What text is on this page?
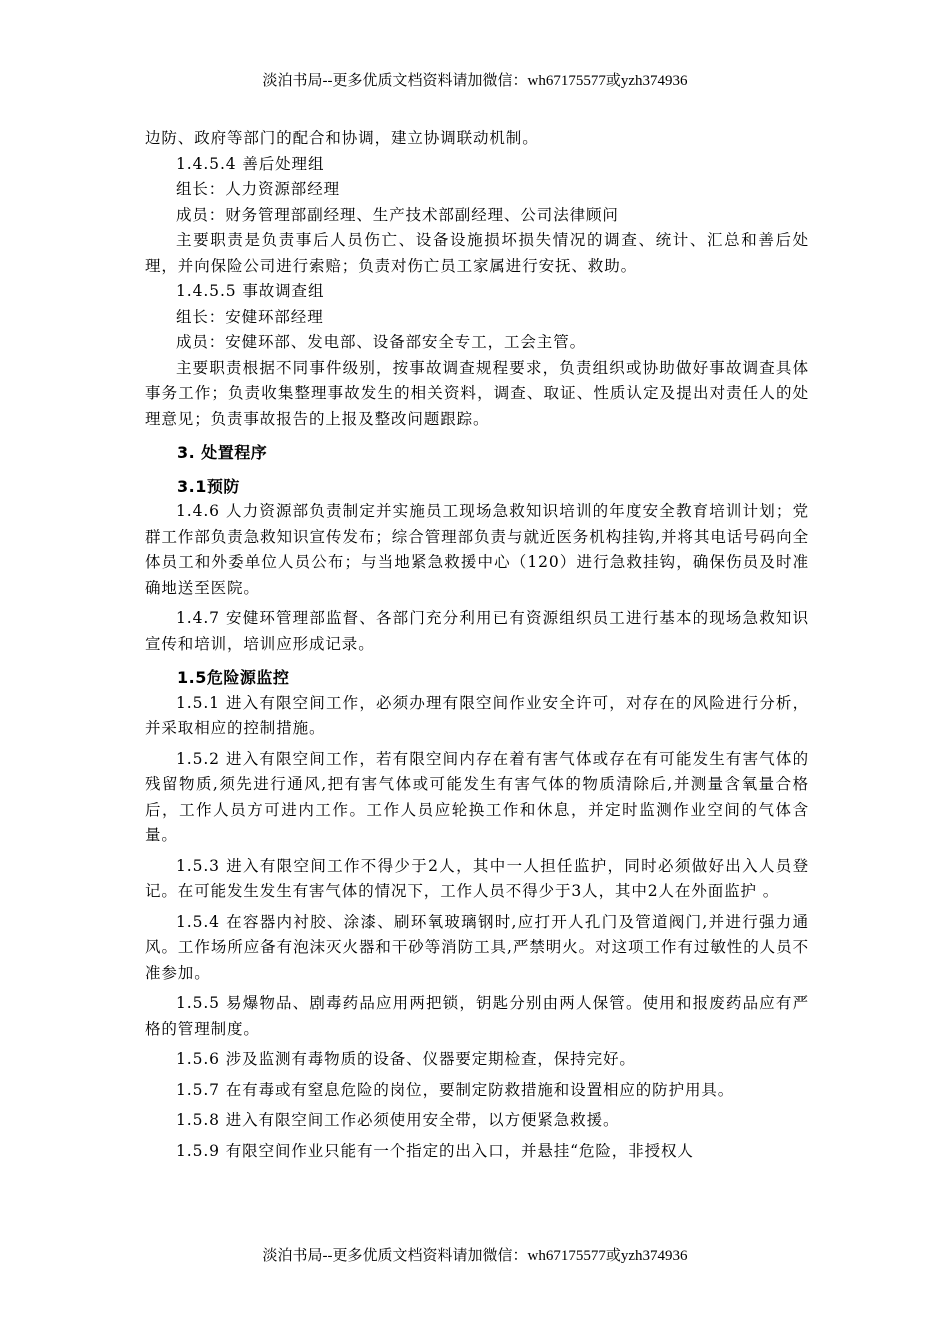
淡泊书局--更多优质文档资料请加微信：wh67175577或yzh374936

边防、政府等部门的配合和协调，建立协调联动机制。

1.4.5.4 善后处理组

组长：人力资源部经理

成员：财务管理部副经理、生产技术部副经理、公司法律顾问

主要职责是负责事后人员伤亡、设备设施损坏损失情况的调查、统计、汇总和善后处理，并向保险公司进行索赔；负责对伤亡员工家属进行安抚、救助。

1.4.5.5 事故调查组

组长：安健环部经理

成员：安健环部、发电部、设备部安全专工，工会主管。

主要职责根据不同事件级别，按事故调查规程要求，负责组织或协助做好事故调查具体事务工作；负责收集整理事故发生的相关资料，调查、取证、性质认定及提出对责任人的处理意见；负责事故报告的上报及整改问题跟踪。

3. 处置程序

3.1预防

1.4.6 人力资源部负责制定并实施员工现场急救知识培训的年度安全教育培训计划；党群工作部负责急救知识宣传发布；综合管理部负责与就近医务机构挂钩,并将其电话号码向全体员工和外委单位人员公布；与当地紧急救援中心（120）进行急救挂钩，确保伤员及时准确地送至医院。

1.4.7 安健环管理部监督、各部门充分利用已有资源组织员工进行基本的现场急救知识宣传和培训，培训应形成记录。

1.5危险源监控

1.5.1 进入有限空间工作，必须办理有限空间作业安全许可，对存在的风险进行分析，并采取相应的控制措施。

1.5.2 进入有限空间工作，若有限空间内存在着有害气体或存在有可能发生有害气体的残留物质,须先进行通风,把有害气体或可能发生有害气体的物质清除后,并测量含氧量合格后，工作人员方可进内工作。工作人员应轮换工作和休息，并定时监测作业空间的气体含量。

1.5.3 进入有限空间工作不得少于2人，其中一人担任监护，同时必须做好出入人员登记。在可能发生发生有害气体的情况下，工作人员不得少于3人，其中2人在外面监护 。

1.5.4 在容器内衬胶、涂漆、刷环氧玻璃钢时,应打开人孔门及管道阀门,并进行强力通风。工作场所应备有泡沫灭火器和干砂等消防工具,严禁明火。对这项工作有过敏性的人员不准参加。

1.5.5 易爆物品、剧毒药品应用两把锁，钥匙分别由两人保管。使用和报废药品应有严格的管理制度。

1.5.6 涉及监测有毒物质的设备、仪器要定期检查，保持完好。

1.5.7 在有毒或有窒息危险的岗位，要制定防救措施和设置相应的防护用具。

1.5.8 进入有限空间工作必须使用安全带，以方便紧急救援。

1.5.9 有限空间作业只能有一个指定的出入口，并悬挂“危险，非授权人

淡泊书局--更多优质文档资料请加微信：wh67175577或yzh374936
